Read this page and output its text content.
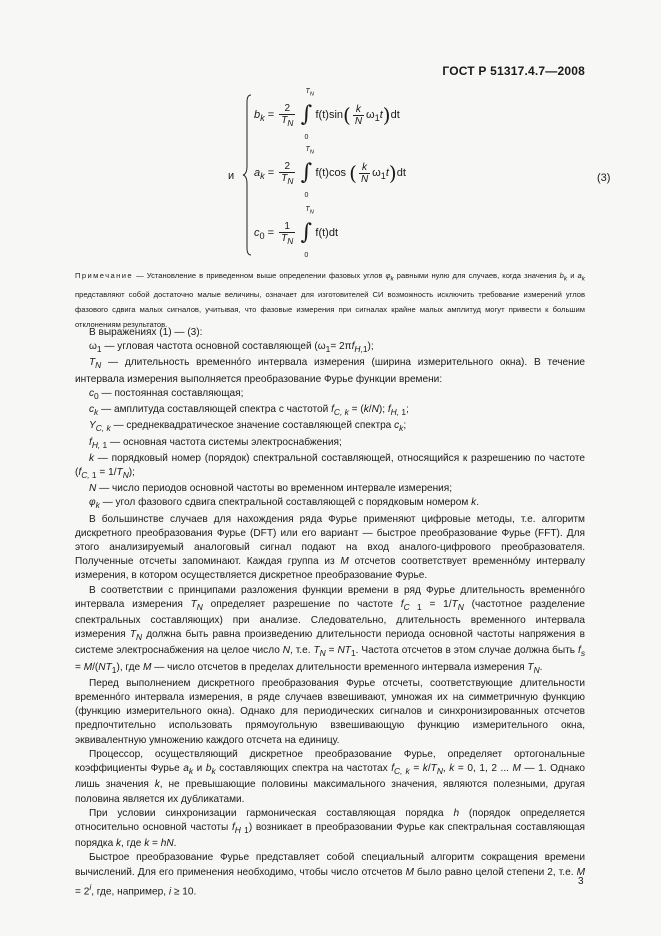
ГОСТ Р 51317.4.7—2008
и
$b_k = \frac{2}{T_N}$ ∫
$T_N$
0
$f(t)\sin( \frac{k}{N} \omega_1t)dt$
$a_k = \frac{2}{T_N}$ ∫
$T_N$
0
f(t)cos ( $\frac{k}{N} \omega_1t)dt$
$c_0 = \frac{1}{T_N}$ ∫
$T_N$
0
f(t)dt
(3)
Примечание — Установление в приведенном выше определении фазовых углов $\varphi_k$ равными нулю для случаев, когда значения $b_k$ и $a_k$ представляют собой достаточно малые величины, означает для изготовителей СИ возможность исключить требование измерений углов фазового сдвига малых сигналов, учитывая, что фазовые измерения при сигналах крайне малых амплитуд могут привести к большим отклонениям результатов.

В выражениях (1) — (3):

$\omega_1$ — угловая частота основной составляющей $(\omega_1= 2\pi f_{H,1})$;

$T_N$ — длительность временнóго интервала измерения (ширина измерительного окна). В течение интервала измерения выполняется преобразование Фурье функции времени:

$c_0$ — постоянная составляющая;

$c_k$ — амплитуда составляющей спектра с частотой $f_{C, k} = (k/N)$; $f_{H,}$ $_1$;

$Y_{C, k}$ — среднеквадратическое значение составляющей спектра $c_k$;

$f_{H,}$ $_1$ — основная частота системы электроснабжения;

k — порядковый номер (порядок) спектральной составляющей, относящийся к разрешению по частоте ($f_{C,}$ $_1 = 1/T_N$);

N — число периодов основной частоты во временном интервале измерения;

$\varphi_k$ — угол фазового сдвига спектральной составляющей с порядковым номером k.

В большинстве случаев для нахождения ряда Фурье применяют цифровые методы, т.е. алгоритм дискретного преобразования Фурье (DFT) или его вариант — быстрое преобразование Фурье (FFT). Для этого анализируемый аналоговый сигнал подают на вход аналого-цифрового преобразователя. Полученные отсчеты запоминают. Каждая группа из M отсчетов соответствует временнóму интервалу измерения, в котором осуществляется дискретное преобразование Фурье.

В соответствии с принципами разложения функции времени в ряд Фурье длительность временнóго интервала измерения $T_N$ определяет разрешение по частоте $f_C$ $_1 = 1/T_N$ (частотное разделение спектральных составляющих) при анализе. Следовательно, длительность временного интервала измерения $T_N$ должна быть равна произведению длительности периода основной частоты напряжения в системе электроснабжения на целое число N, т.е. $T_N = NT_1$. Частота отсчетов в этом случае должна быть $f_s = M/(NT_1)$, где M — число отсчетов в пределах длительности временного интервала измерения $T_N$.

Перед выполнением дискретного преобразования Фурье отсчеты, соответствующие длительности временнóго интервала измерения, в ряде случаев взвешивают, умножая их на симметричную функцию (функцию измерительного окна). Однако для периодических сигналов и синхронизированных отсчетов предпочтительно использовать прямоугольную взвешивающую функцию измерительного окна, эквивалентную умножению каждого отсчета на единицу.

Процессор, осуществляющий дискретное преобразование Фурье, определяет ортогональные коэффициенты Фурье $a_k$ и $b_k$ составляющих спектра на частотах $f_{C, k} = k/T_N$, k = 0, 1, 2 ... M — 1. Однако лишь значения k, не превышающие половины максимального значения, являются полезными, другая половина является их дубликатами.

При условии синхронизации гармоническая составляющая порядка h (порядок определяется относительно основной частоты $f_H$ $_1$) возникает в преобразовании Фурье как спектральная составляющая порядка k, где k = hN.

Быстрое преобразование Фурье представляет собой специальный алгоритм сокращения времени вычислений. Для его применения необходимо, чтобы число отсчетов M было равно целой степени 2, т.е. $M = 2^i$, где, например, i ≥ 10.

3
